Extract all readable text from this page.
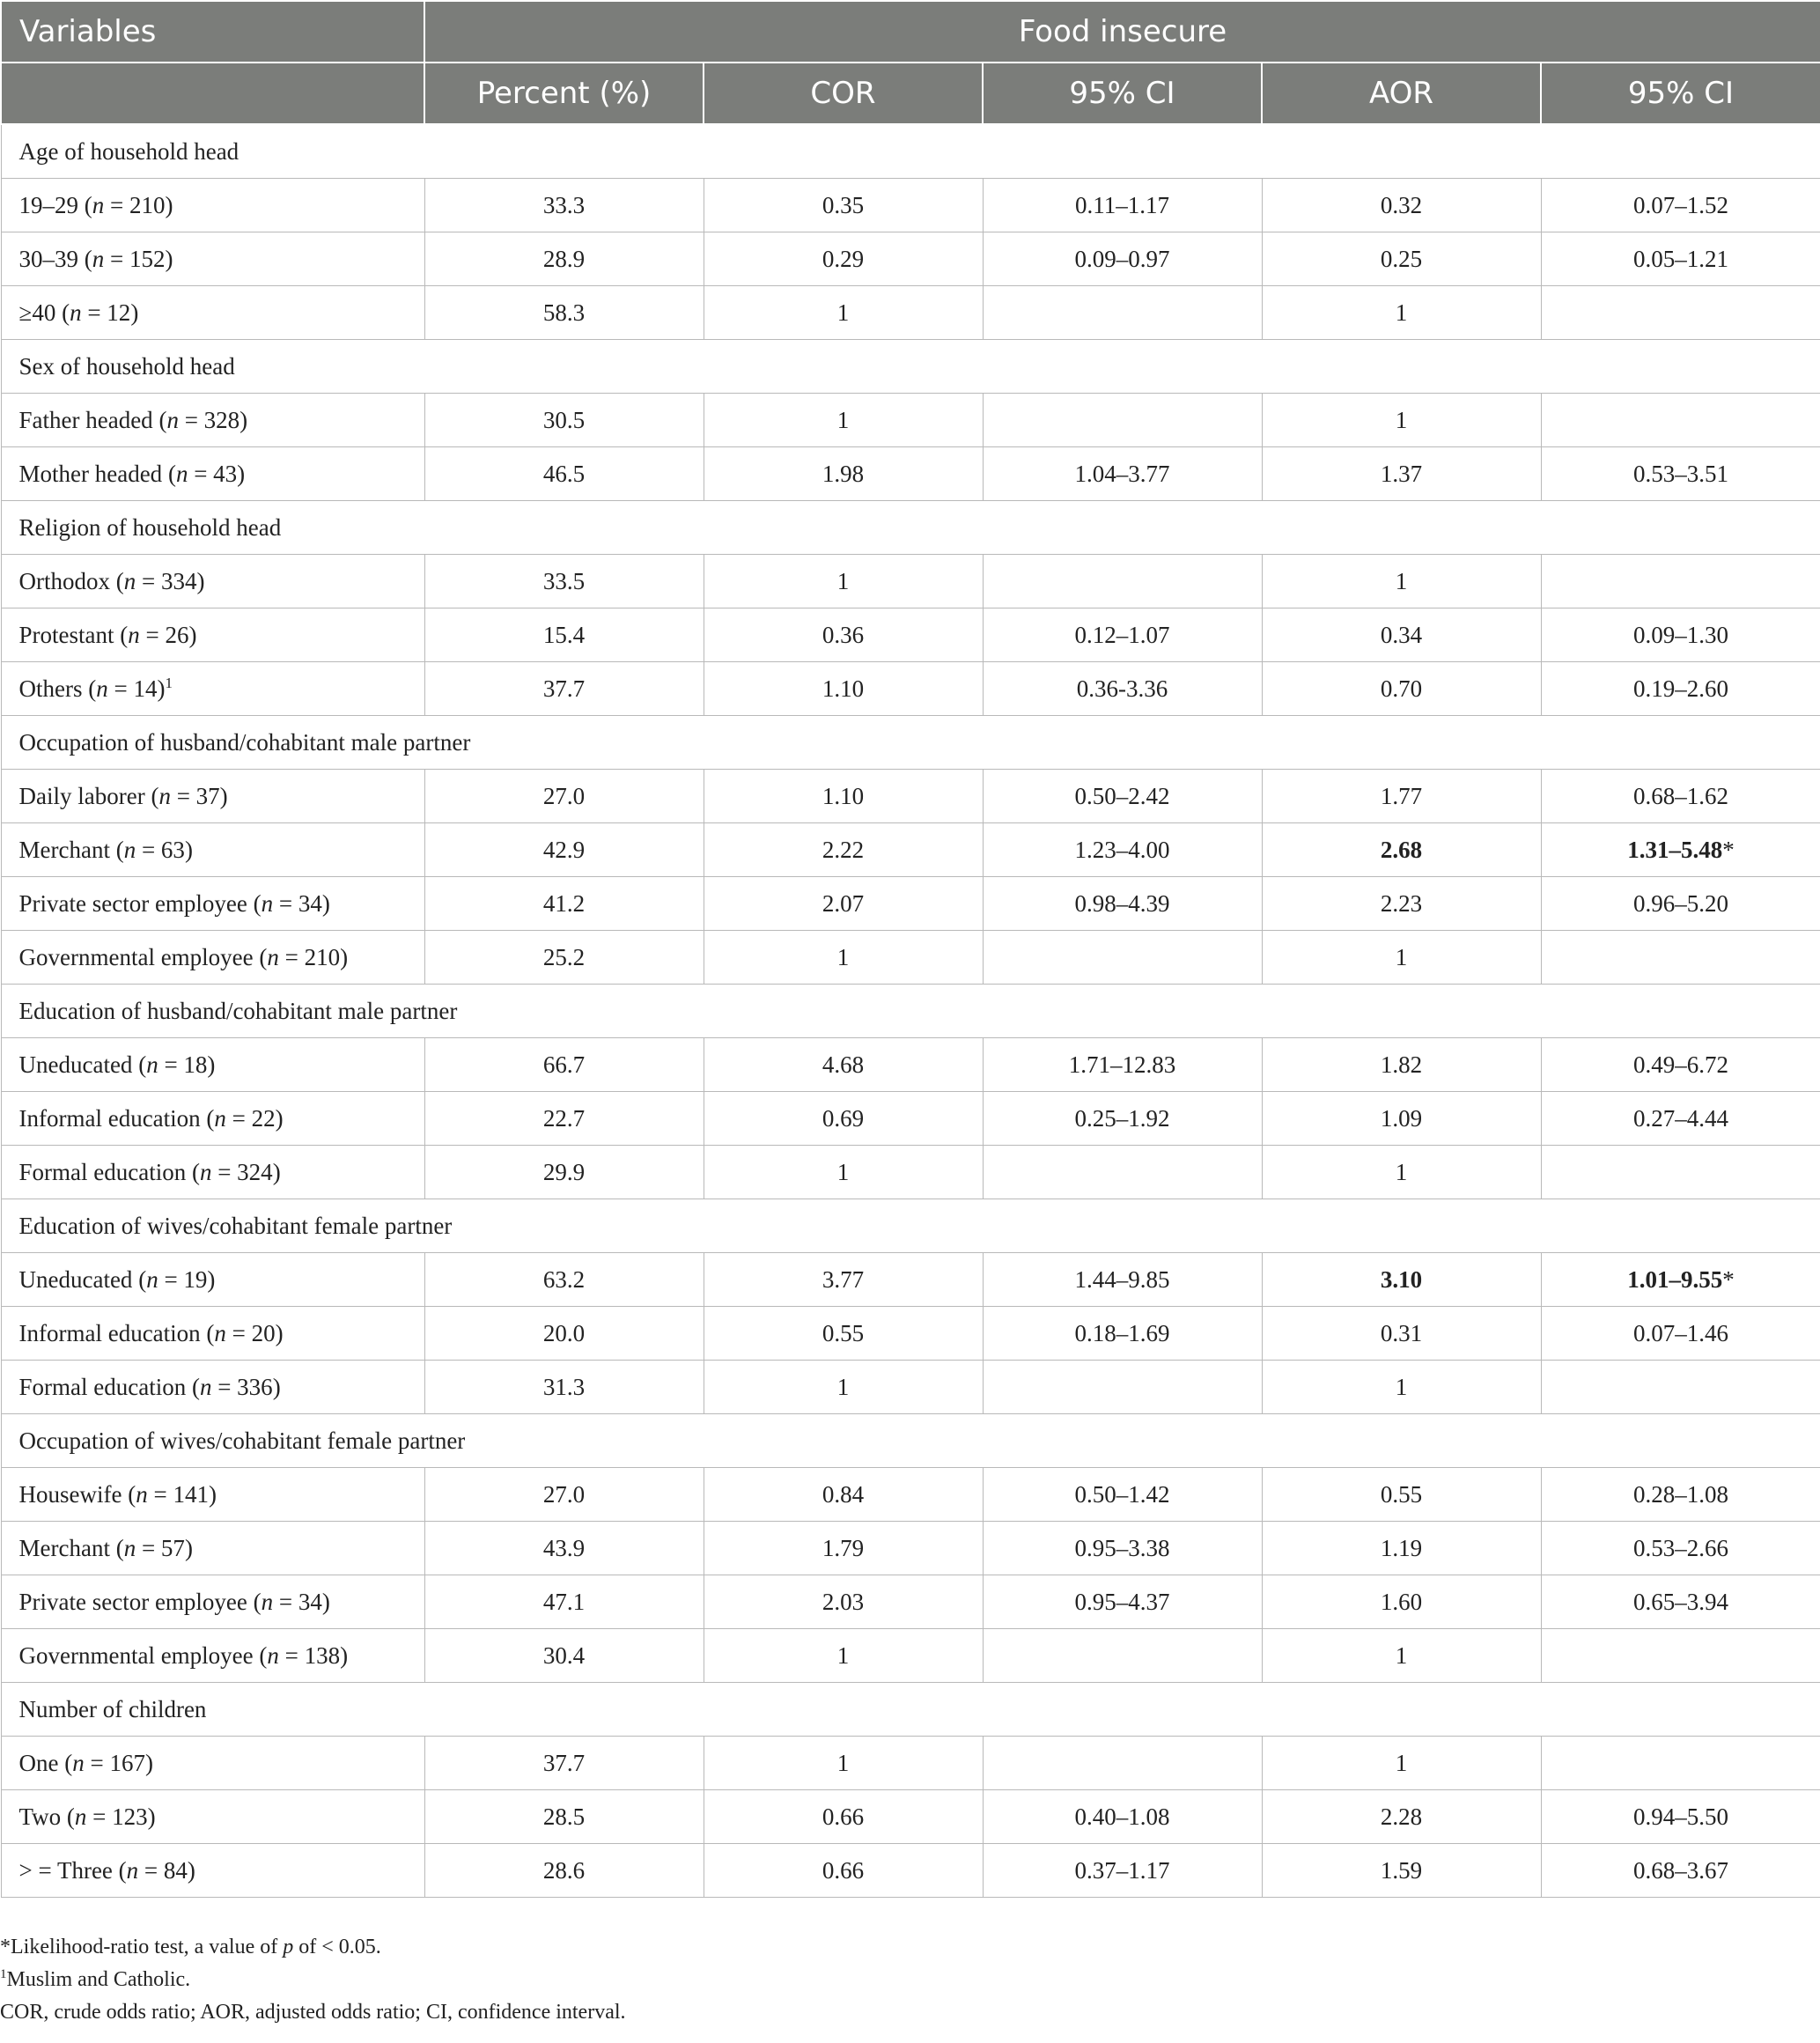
Variables	Food insecure				
	Percent (%)	COR	95% CI	AOR	95% CI
Age of household head					
19–29 (n = 210)	33.3	0.35	0.11–1.17	0.32	0.07–1.52
30–39 (n = 152)	28.9	0.29	0.09–0.97	0.25	0.05–1.21
≥40 (n = 12)	58.3	1		1	
Sex of household head					
Father headed (n = 328)	30.5	1		1	
Mother headed (n = 43)	46.5	1.98	1.04–3.77	1.37	0.53–3.51
Religion of household head					
Orthodox (n = 334)	33.5	1		1	
Protestant (n = 26)	15.4	0.36	0.12–1.07	0.34	0.09–1.30
Others (n = 14)$^1$	37.7	1.10	0.36-3.36	0.70	0.19–2.60
Occupation of husband/cohabitant male partner					
Daily laborer (n = 37)	27.0	1.10	0.50–2.42	1.77	0.68–1.62
Merchant (n = 63)	42.9	2.22	1.23–4.00	2.68	1.31–5.48*
Private sector employee (n = 34)	41.2	2.07	0.98–4.39	2.23	0.96–5.20
Governmental employee (n = 210)	25.2	1		1	
Education of husband/cohabitant male partner					
Uneducated (n = 18)	66.7	4.68	1.71–12.83	1.82	0.49–6.72
Informal education (n = 22)	22.7	0.69	0.25–1.92	1.09	0.27–4.44
Formal education (n = 324)	29.9	1		1	
Education of wives/cohabitant female partner					
Uneducated (n = 19)	63.2	3.77	1.44–9.85	3.10	1.01–9.55*
Informal education (n = 20)	20.0	0.55	0.18–1.69	0.31	0.07–1.46
Formal education (n = 336)	31.3	1		1	
Occupation of wives/cohabitant female partner					
Housewife (n = 141)	27.0	0.84	0.50–1.42	0.55	0.28–1.08
Merchant (n = 57)	43.9	1.79	0.95–3.38	1.19	0.53–2.66
Private sector employee (n = 34)	47.1	2.03	0.95–4.37	1.60	0.65–3.94
Governmental employee (n = 138)	30.4	1		1	
Number of children					
One (n = 167)	37.7	1		1	
Two (n = 123)	28.5	0.66	0.40–1.08	2.28	0.94–5.50
> = Three (n = 84)	28.6	0.66	0.37–1.17	1.59	0.68–3.67
*Likelihood-ratio test, a value of p of < 0.05.
$^1$Muslim and Catholic.
COR, crude odds ratio; AOR, adjusted odds ratio; CI, confidence interval.
